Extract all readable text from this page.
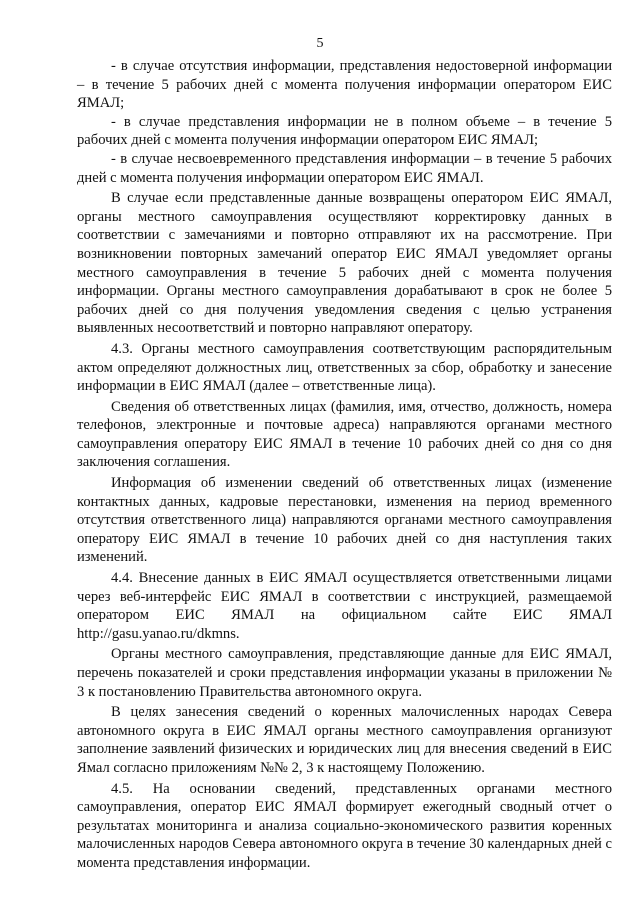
5

- в случае отсутствия информации, представления недостоверной информации – в течение 5 рабочих дней с момента получения информации оператором ЕИС ЯМАЛ;

- в случае представления информации не в полном объеме – в течение 5 рабочих дней с момента получения информации оператором ЕИС ЯМАЛ;

- в случае несвоевременного представления информации – в течение 5 рабочих дней с момента получения информации оператором ЕИС ЯМАЛ.

В случае если представленные данные возвращены оператором ЕИС ЯМАЛ, органы местного самоуправления осуществляют корректировку данных в соответствии с замечаниями и повторно отправляют их на рассмотрение. При возникновении повторных замечаний оператор ЕИС ЯМАЛ уведомляет органы местного самоуправления в течение 5 рабочих дней с момента получения информации. Органы местного самоуправления дорабатывают в срок не более 5 рабочих дней со дня получения уведомления сведения с целью устранения выявленных несоответствий и повторно направляют оператору.

4.3. Органы местного самоуправления соответствующим распорядительным актом определяют должностных лиц, ответственных за сбор, обработку и занесение информации в ЕИС ЯМАЛ (далее – ответственные лица).

Сведения об ответственных лицах (фамилия, имя, отчество, должность, номера телефонов, электронные и почтовые адреса) направляются органами местного самоуправления оператору ЕИС ЯМАЛ в течение 10 рабочих дней со дня со дня заключения соглашения.

Информация об изменении сведений об ответственных лицах (изменение контактных данных, кадровые перестановки, изменения на период временного отсутствия ответственного лица) направляются органами местного самоуправления оператору ЕИС ЯМАЛ в течение 10 рабочих дней со дня наступления таких изменений.

4.4. Внесение данных в ЕИС ЯМАЛ осуществляется ответственными лицами через веб-интерфейс ЕИС ЯМАЛ в соответствии с инструкцией, размещаемой оператором ЕИС ЯМАЛ на официальном сайте ЕИС ЯМАЛ http://gasu.yanao.ru/dkmns.

Органы местного самоуправления, представляющие данные для ЕИС ЯМАЛ, перечень показателей и сроки представления информации указаны в приложении № 3 к постановлению Правительства автономного округа.

В целях занесения сведений о коренных малочисленных народах Севера автономного округа в ЕИС ЯМАЛ органы местного самоуправления организуют заполнение заявлений физических и юридических лиц для внесения сведений в ЕИС Ямал согласно приложениям №№ 2, 3 к настоящему Положению.

4.5. На основании сведений, представленных органами местного самоуправления, оператор ЕИС ЯМАЛ формирует ежегодный сводный отчет о результатах мониторинга и анализа социально-экономического развития коренных малочисленных народов Севера автономного округа в течение 30 календарных дней с момента представления информации.
